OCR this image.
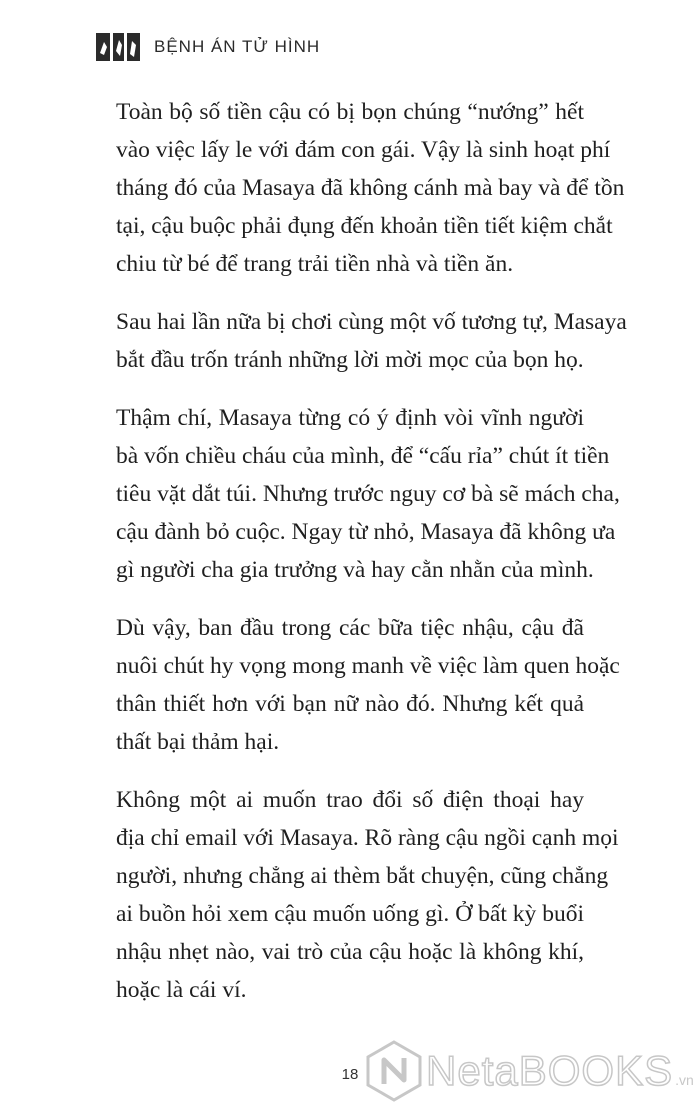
BỆNH ÁN TỬ HÌNH

Toàn bộ số tiền cậu có bị bọn chúng “nướng” hết
vào việc lấy le với đám con gái. Vậy là sinh hoạt phí
tháng đó của Masaya đã không cánh mà bay và để tồn
tại, cậu buộc phải đụng đến khoản tiền tiết kiệm chắt
chiu từ bé để trang trải tiền nhà và tiền ăn.

Sau hai lần nữa bị chơi cùng một vố tương tự, Masaya
bắt đầu trốn tránh những lời mời mọc của bọn họ.

Thậm chí, Masaya từng có ý định vòi vĩnh người
bà vốn chiều cháu của mình, để “cấu rỉa” chút ít tiền
tiêu vặt dắt túi. Nhưng trước nguy cơ bà sẽ mách cha,
cậu đành bỏ cuộc. Ngay từ nhỏ, Masaya đã không ưa
gì người cha gia trưởng và hay cằn nhằn của mình.

Dù vậy, ban đầu trong các bữa tiệc nhậu, cậu đã
nuôi chút hy vọng mong manh về việc làm quen hoặc
thân thiết hơn với bạn nữ nào đó. Nhưng kết quả
thất bại thảm hại.

Không một ai muốn trao đổi số điện thoại hay
địa chỉ email với Masaya. Rõ ràng cậu ngồi cạnh mọi
người, nhưng chẳng ai thèm bắt chuyện, cũng chẳng
ai buồn hỏi xem cậu muốn uống gì. Ở bất kỳ buổi
nhậu nhẹt nào, vai trò của cậu hoặc là không khí,
hoặc là cái ví.

18	NetaBOOKS .vn
